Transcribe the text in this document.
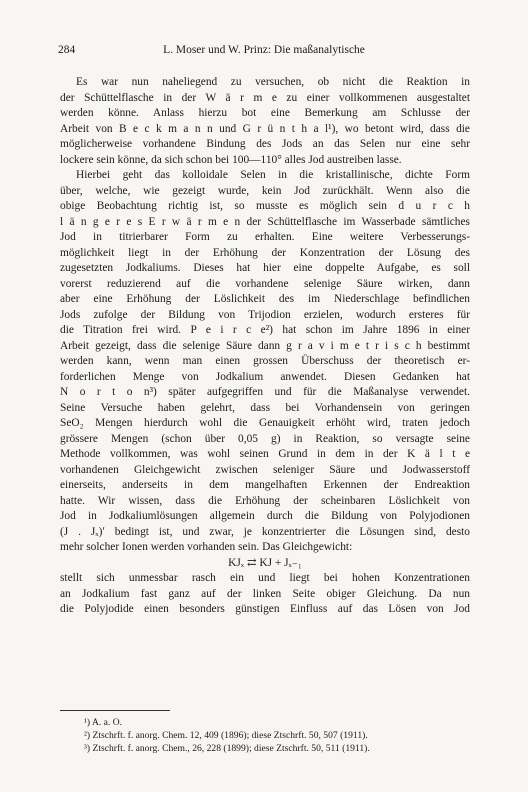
284	L. Moser und W. Prinz: Die maßanalytische
Es war nun naheliegend zu versuchen, ob nicht die Reaktion in
der Schüttelflasche in der W ä r m e zu einer vollkommenen ausgestaltet
werden könne. Anlass hierzu bot eine Bemerkung am Schlusse der
Arbeit von B e c k m a n n und G r ü n t h a l¹), wo betont wird, dass die
möglicherweise vorhandene Bindung des Jods an das Selen nur eine sehr
lockere sein könne, da sich schon bei 100—110° alles Jod austreiben lasse.
Hierbei geht das kolloidale Selen in die kristallinische, dichte Form
über, welche, wie gezeigt wurde, kein Jod zurückhält. Wenn also die
obige Beobachtung richtig ist, so musste es möglich sein d u r c h
l ä n g e r e s E r w ä r m e n der Schüttelflasche im Wasserbade sämtliches
Jod in titrierbarer Form zu erhalten. Eine weitere Verbesserungs-
möglichkeit liegt in der Erhöhung der Konzentration der Lösung des
zugesetzten Jodkaliums. Dieses hat hier eine doppelte Aufgabe, es soll
vorerst reduzierend auf die vorhandene selenige Säure wirken, dann
aber eine Erhöhung der Löslichkeit des im Niederschlage befindlichen
Jods zufolge der Bildung von Trijodion erzielen, wodurch ersteres für
die Titration frei wird. P e i r c e²) hat schon im Jahre 1896 in einer
Arbeit gezeigt, dass die selenige Säure dann g r a v i m e t r i s c h bestimmt
werden kann, wenn man einen grossen Überschuss der theoretisch er-
forderlichen Menge von Jodkalium anwendet. Diesen Gedanken hat
N o r t o n³) später aufgegriffen und für die Maßanalyse verwendet.
Seine Versuche haben gelehrt, dass bei Vorhandensein von geringen
SeO₂ Mengen hierdurch wohl die Genauigkeit erhöht wird, traten jedoch
grössere Mengen (schon über 0,05 g) in Reaktion, so versagte seine
Methode vollkommen, was wohl seinen Grund in dem in der K ä l t e
vorhandenen Gleichgewicht zwischen seleniger Säure und Jodwasserstoff
einerseits, anderseits in dem mangelhaften Erkennen der Endreaktion
hatte. Wir wissen, dass die Erhöhung der scheinbaren Löslichkeit von
Jod in Jodkaliumlösungen allgemein durch die Bildung von Polyjodionen
(J . Jₓ)ʹ bedingt ist, und zwar, je konzentrierter die Lösungen sind, desto
mehr solcher Ionen werden vorhanden sein. Das Gleichgewicht:
KJₓ ⇄ KJ + Jₓ₋₁
stellt sich unmessbar rasch ein und liegt bei hohen Konzentrationen
an Jodkalium fast ganz auf der linken Seite obiger Gleichung. Da nun
die Polyjodide einen besonders günstigen Einfluss auf das Lösen von Jod
¹) A. a. O.
²) Ztschrft. f. anorg. Chem. 12, 409 (1896); diese Ztschrft. 50, 507 (1911).
³) Ztschrft. f. anorg. Chem., 26, 228 (1899); diese Ztschrft. 50, 511 (1911).
